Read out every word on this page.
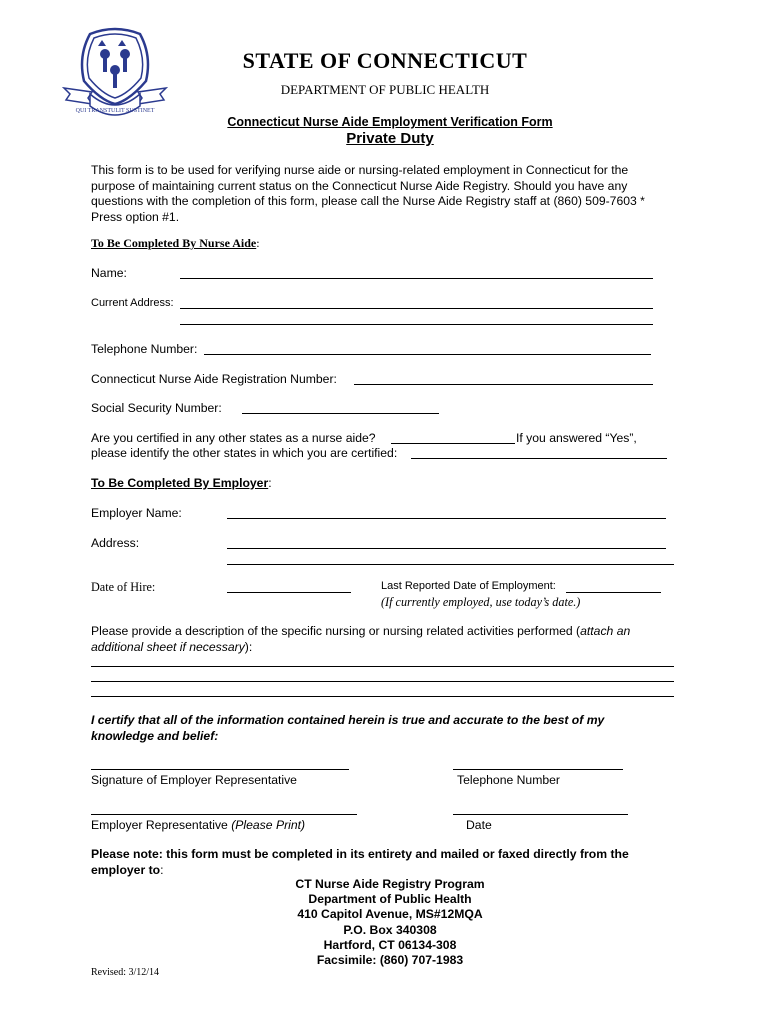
QUI TRANSTULIT SUSTINET
STATE OF CONNECTICUT
DEPARTMENT OF PUBLIC HEALTH
Connecticut Nurse Aide Employment Verification Form
Private Duty
This form is to be used for verifying nurse aide or nursing-related employment in Connecticut for the purpose of maintaining current status on the Connecticut Nurse Aide Registry. Should you have any questions with the completion of this form, please call the Nurse Aide Registry staff at (860) 509-7603 * Press option #1.
To Be Completed By Nurse Aide:
Name:
Current Address:
Telephone Number:
Connecticut Nurse Aide Registration Number:
Social Security Number:
Are you certified in any other states as a nurse aide?	If you answered “Yes”,
please identify the other states in which you are certified:
To Be Completed By Employer:
Employer Name:
Address:
Date of Hire:	Last Reported Date of Employment:
(If currently employed, use today’s date.)
Please provide a description of the specific nursing or nursing related activities performed (attach an additional sheet if necessary):
I certify that all of the information contained herein is true and accurate to the best of my knowledge and belief:
Signature of Employer Representative	Telephone Number
Employer Representative (Please Print)	Date
Please note: this form must be completed in its entirety and mailed or faxed directly from the employer to:
CT Nurse Aide Registry Program
Department of Public Health
410 Capitol Avenue, MS#12MQA
P.O. Box 340308
Hartford, CT 06134-308
Facsimile: (860) 707-1983
Revised: 3/12/14
